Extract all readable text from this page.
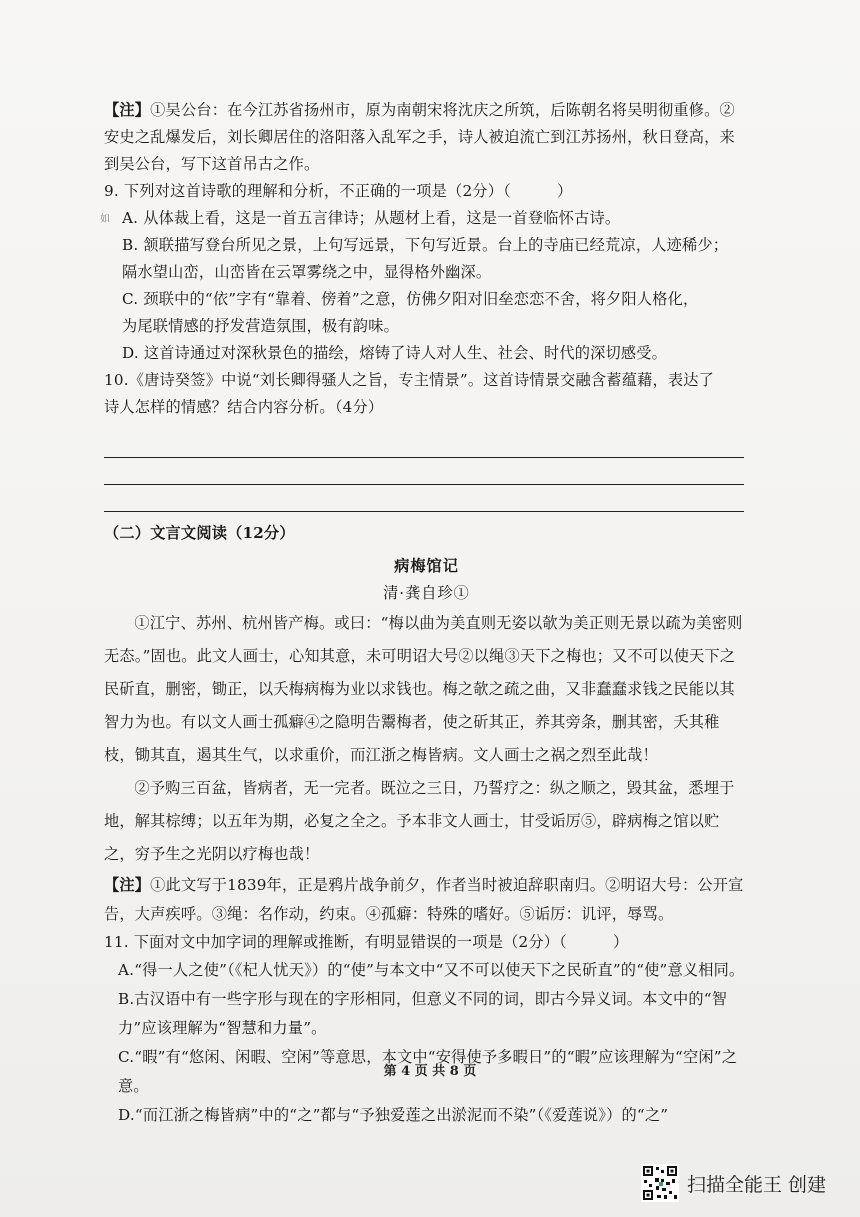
如

【注】①吴公台：在今江苏省扬州市，原为南朝宋将沈庆之所筑，后陈朝名将吴明彻重修。②安史之乱爆发后，刘长卿居住的洛阳落入乱军之手，诗人被迫流亡到江苏扬州，秋日登高，来到吴公台，写下这首吊古之作。

9. 下列对这首诗歌的理解和分析，不正确的一项是（2分）（　　　）

A. 从体裁上看，这是一首五言律诗；从题材上看，这是一首登临怀古诗。

B. 颔联描写登台所见之景，上句写远景，下句写近景。台上的寺庙已经荒凉，人迹稀少；
隔水望山峦，山峦皆在云罩雾绕之中，显得格外幽深。

C. 颈联中的“依”字有“靠着、傍着”之意，仿佛夕阳对旧垒恋恋不舍，将夕阳人格化，
为尾联情感的抒发营造氛围，极有韵味。

D. 这首诗通过对深秋景色的描绘，熔铸了诗人对人生、社会、时代的深切感受。

10.《唐诗癸签》中说“刘长卿得骚人之旨，专主情景”。这首诗情景交融含蓄蕴藉，表达了
诗人怎样的情感？结合内容分析。（4分）

（二）文言文阅读（12分）

病梅馆记

清·龚自珍①

①江宁、苏州、杭州皆产梅。或曰：“梅以曲为美直则无姿以欹为美正则无景以疏为美密则无态。”固也。此文人画士，心知其意，未可明诏大号②以绳③天下之梅也；又不可以使天下之民斫直，删密，锄正，以夭梅病梅为业以求钱也。梅之欹之疏之曲，又非蠢蠢求钱之民能以其智力为也。有以文人画士孤癖④之隐明告鬻梅者，使之斫其正，养其旁条，删其密，夭其稚枝，锄其直，遏其生气，以求重价，而江浙之梅皆病。文人画士之祸之烈至此哉！

②予购三百盆，皆病者，无一完者。既泣之三日，乃誓疗之：纵之顺之，毁其盆，悉埋于地，解其棕缚；以五年为期，必复之全之。予本非文人画士，甘受诟厉⑤，辟病梅之馆以贮之，穷予生之光阴以疗梅也哉！

【注】①此文写于1839年，正是鸦片战争前夕，作者当时被迫辞职南归。②明诏大号：公开宣告，大声疾呼。③绳：名作动，约束。④孤癖：特殊的嗜好。⑤诟厉：讥评，辱骂。

11. 下面对文中加字词的理解或推断，有明显错误的一项是（2分）（　　　）

A.“得一人之使”（《杞人忧天》）的“使”与本文中“又不可以使天下之民斫直”的“使”意义相同。

B.古汉语中有一些字形与现在的字形相同，但意义不同的词，即古今异义词。本文中的“智力”应该理解为“智慧和力量”。

C.“暇”有“悠闲、闲暇、空闲”等意思，本文中“安得使予多暇日”的“暇”应该理解为“空闲”之意。

D.“而江浙之梅皆病”中的“之”都与“予独爱莲之出淤泥而不染”（《爱莲说》）的“之”

第 4 页 共 8 页
扫描全能王 创建
